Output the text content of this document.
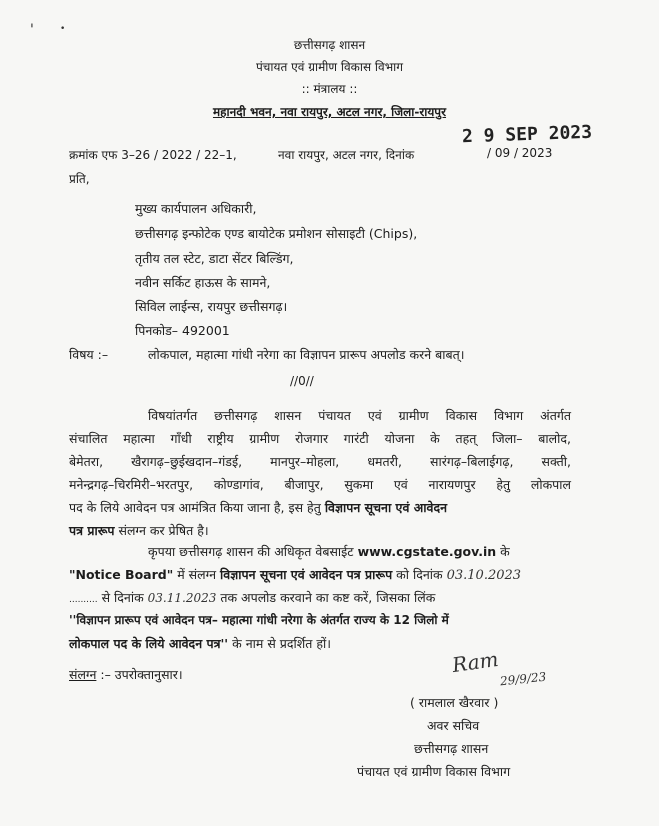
'	•
छत्तीसगढ़ शासन
पंचायत एवं ग्रामीण विकास विभाग
:: मंत्रालय ::
महानदी भवन, नवा रायपुर, अटल नगर, जिला-रायपुर
क्रमांक एफ 3–26 / 2022 / 22–1,	नवा रायपुर, अटल नगर, दिनांक
2 9 SEP 2023
/ 09 / 2023
प्रति,
मुख्य कार्यपालन अधिकारी,
छत्तीसगढ़ इन्फोटेक एण्ड बायोटेक प्रमोशन सोसाइटी (Chips),
तृतीय तल स्टेट, डाटा सेंटर बिल्डिंग,
नवीन सर्किट हाऊस के सामने,
सिविल लाईन्स, रायपुर छत्तीसगढ़।
पिनकोड– 492001
विषय :–	लोकपाल, महात्मा गांधी नरेगा का विज्ञापन प्रारूप अपलोड करने बाबत्।
//0//
विषयांतर्गत छत्तीसगढ़ शासन पंचायत एवं ग्रामीण विकास विभाग अंतर्गत
संचालित महात्मा गाँधी राष्ट्रीय ग्रामीण रोजगार गारंटी योजना के तहत् जिला– बालोद,
बेमेतरा, खैरागढ़–छुईखदान–गंडई, मानपुर–मोहला, धमतरी, सारंगढ़–बिलाईगढ़, सक्ती,
मनेन्द्रगढ़–चिरमिरी–भरतपुर, कोण्डागांव, बीजापुर, सुकमा एवं नारायणपुर हेतु लोकपाल
पद के लिये आवेदन पत्र आमंत्रित किया जाना है, इस हेतु विज्ञापन सूचना एवं आवेदन
पत्र प्रारूप संलग्न कर प्रेषित है।
कृपया छत्तीसगढ़ शासन की अधिकृत वेबसाईट www.cgstate.gov.in के
"Notice Board" में संलग्न विज्ञापन सूचना एवं आवेदन पत्र प्रारूप को दिनांक 03.10.2023
.......... से दिनांक 03.11.2023 तक अपलोड करवाने का कष्ट करें, जिसका लिंक
''विज्ञापन प्रारूप एवं आवेदन पत्र– महात्मा गांधी नरेगा के अंतर्गत राज्य के 12 जिलो में
लोकपाल पद के लिये आवेदन पत्र'' के नाम से प्रदर्शित हों।
संलग्न :– उपरोक्तानुसार।	Ram
29/9/23
( रामलाल खैरवार )
अवर सचिव
छत्तीसगढ़ शासन
पंचायत एवं ग्रामीण विकास विभाग
